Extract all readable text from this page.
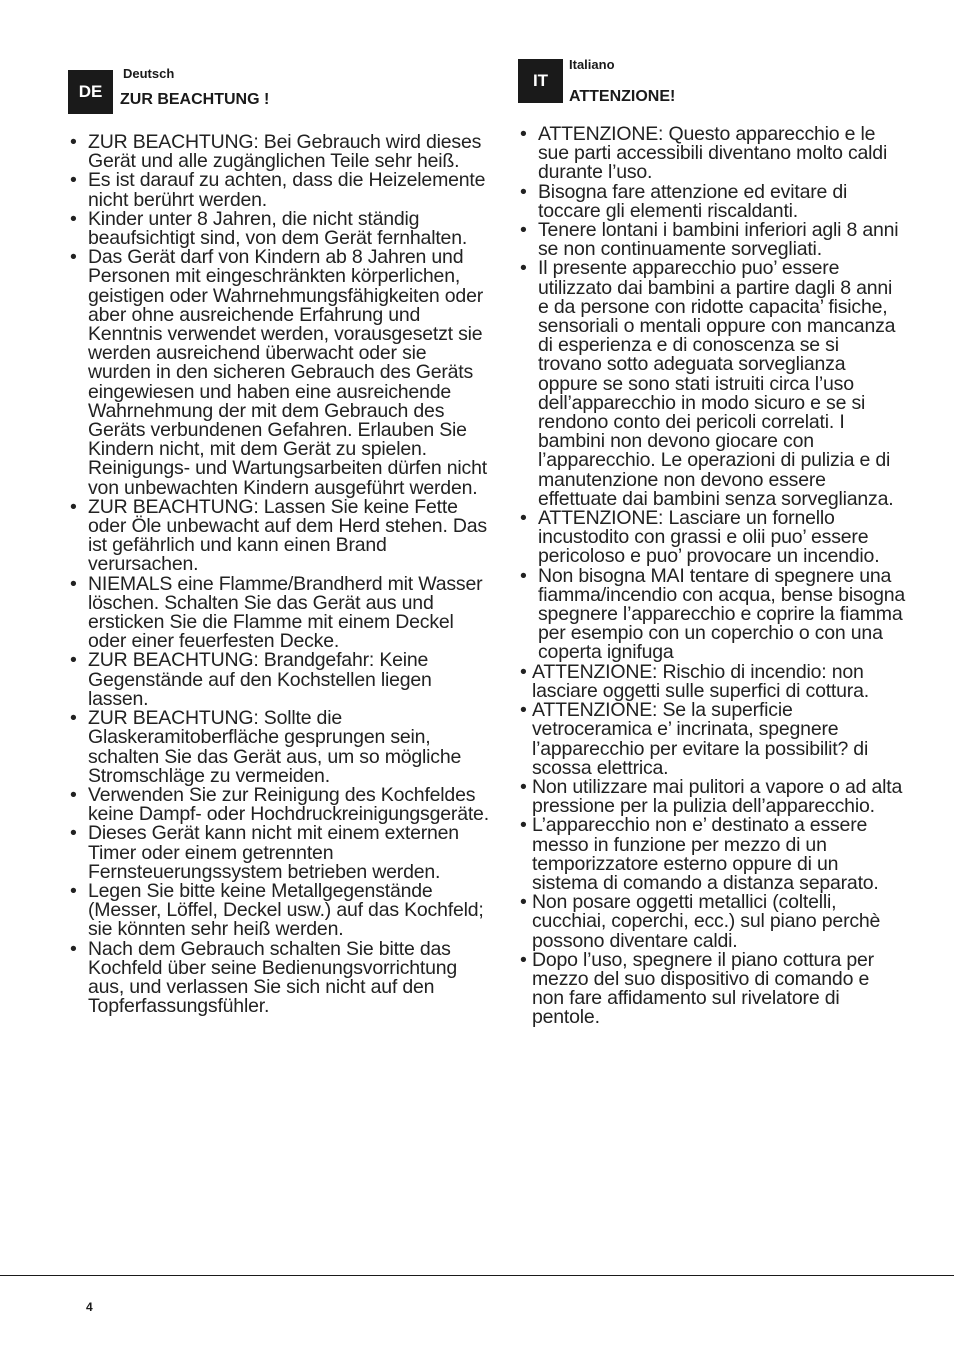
DE
Deutsch
ZUR BEACHTUNG !
• ZUR BEACHTUNG: Bei Gebrauch wird dieses Gerät und alle zugänglichen Teile sehr heiß.
• Es ist darauf zu achten, dass die Heizelemente nicht berührt werden.
• Kinder unter 8 Jahren, die nicht ständig beaufsichtigt sind, von dem Gerät fernhalten.
• Das Gerät darf von Kindern ab 8 Jahren und Personen mit eingeschränkten körperlichen, geistigen oder Wahrnehmungsfähigkeiten oder aber ohne ausreichende Erfahrung und Kenntnis verwendet werden, vorausgesetzt sie werden ausreichend überwacht oder sie wurden in den sicheren Gebrauch des Geräts eingewiesen und haben eine ausreichende Wahrnehmung der mit dem Gebrauch des Geräts verbundenen Gefahren. Erlauben Sie Kindern nicht, mit dem Gerät zu spielen. Reinigungs- und Wartungsarbeiten dürfen nicht von unbewachten Kindern ausgeführt werden.
• ZUR BEACHTUNG: Lassen Sie keine Fette oder Öle unbewacht auf dem Herd stehen. Das ist gefährlich und kann einen Brand verursachen.
• NIEMALS eine Flamme/Brandherd mit Wasser löschen. Schalten Sie das Gerät aus und ersticken Sie die Flamme mit einem Deckel oder einer feuerfesten Decke.
• ZUR BEACHTUNG: Brandgefahr: Keine Gegenstände auf den Kochstellen liegen lassen.
• ZUR BEACHTUNG: Sollte die Glaskeramitoberfläche gesprungen sein, schalten Sie das Gerät aus, um so mögliche Stromschläge zu vermeiden.
• Verwenden Sie zur Reinigung des Kochfeldes keine Dampf- oder Hochdruckreinigungsgeräte.
• Dieses Gerät kann nicht mit einem externen Timer oder einem getrennten Fernsteuerungssystem betrieben werden.
• Legen Sie bitte keine Metallgegenstände (Messer, Löffel, Deckel usw.) auf das Kochfeld; sie könnten sehr heiß werden.
• Nach dem Gebrauch schalten Sie bitte das Kochfeld über seine Bedienungsvorrichtung aus, und verlassen Sie sich nicht auf den Topferfassungsfühler.
IT
Italiano
ATTENZIONE!
• ATTENZIONE: Questo apparecchio e le sue parti accessibili diventano molto caldi durante l’uso.
• Bisogna fare attenzione ed evitare di toccare gli elementi riscaldanti.
• Tenere lontani i bambini inferiori agli 8 anni se non continuamente sorvegliati.
• Il presente apparecchio puo’ essere utilizzato dai bambini a partire dagli 8 anni e da persone con ridotte capacita’ fisiche, sensoriali o mentali oppure con mancanza di esperienza e di conoscenza se si trovano sotto adeguata sorveglianza oppure se sono stati istruiti circa l’uso dell’apparecchio in modo sicuro e se si rendono conto dei pericoli correlati. I bambini non devono giocare con l’apparecchio. Le operazioni di pulizia e di manutenzione non devono essere effettuate dai bambini senza sorveglianza.
• ATTENZIONE: Lasciare un fornello incustodito con grassi e olii puo’ essere pericoloso e puo’ provocare un incendio.
• Non bisogna MAI tentare di spegnere una fiamma/incendio con acqua, bense bisogna spegnere l’apparecchio e coprire la fiamma per esempio con un coperchio o con una coperta ignifuga
• ATTENZIONE: Rischio di incendio: non lasciare oggetti sulle superfici di cottura.
• ATTENZIONE: Se la superficie vetroceramica e’ incrinata, spegnere l’apparecchio per evitare la possibilit? di scossa elettrica.
• Non utilizzare mai pulitori a vapore o ad alta pressione per la pulizia dell’apparecchio.
• L’apparecchio non e’ destinato a essere messo in funzione per mezzo di un temporizzatore esterno oppure di un sistema di comando a distanza separato.
• Non posare oggetti metallici (coltelli, cucchiai, coperchi, ecc.) sul piano perchè possono diventare caldi.
• Dopo l’uso, spegnere il piano cottura per mezzo del suo dispositivo di comando e non fare affidamento sul rivelatore di pentole.
4
